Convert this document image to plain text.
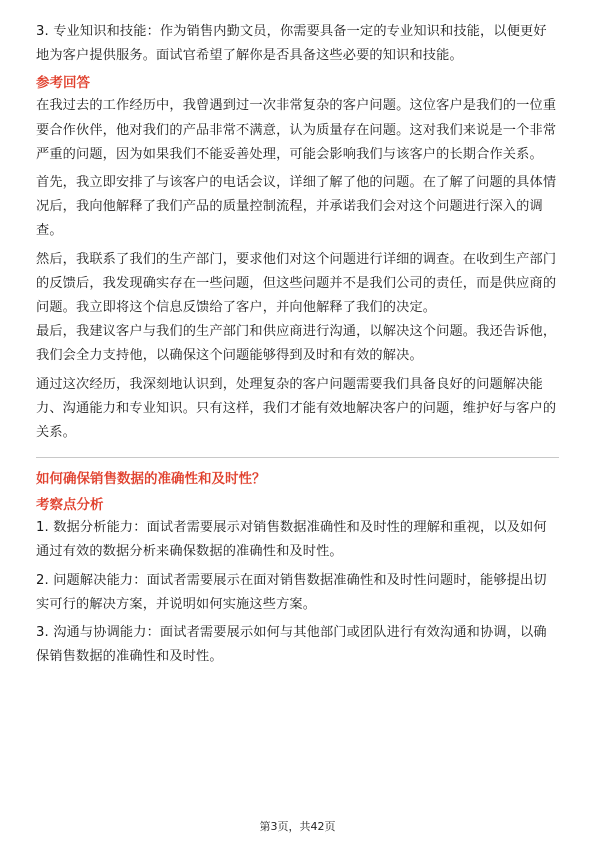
3. 专业知识和技能：作为销售内勤文员，你需要具备一定的专业知识和技能，以便更好地为客户提供服务。面试官希望了解你是否具备这些必要的知识和技能。

参考回答

在我过去的工作经历中，我曾遇到过一次非常复杂的客户问题。这位客户是我们的一位重要合作伙伴，他对我们的产品非常不满意，认为质量存在问题。这对我们来说是一个非常严重的问题，因为如果我们不能妥善处理，可能会影响我们与该客户的长期合作关系。

首先，我立即安排了与该客户的电话会议，详细了解了他的问题。在了解了问题的具体情况后，我向他解释了我们产品的质量控制流程，并承诺我们会对这个问题进行深入的调查。

然后，我联系了我们的生产部门，要求他们对这个问题进行详细的调查。在收到生产部门的反馈后，我发现确实存在一些问题，但这些问题并不是我们公司的责任，而是供应商的问题。我立即将这个信息反馈给了客户，并向他解释了我们的决定。

最后，我建议客户与我们的生产部门和供应商进行沟通，以解决这个问题。我还告诉他，我们会全力支持他，以确保这个问题能够得到及时和有效的解决。

通过这次经历，我深刻地认识到，处理复杂的客户问题需要我们具备良好的问题解决能力、沟通能力和专业知识。只有这样，我们才能有效地解决客户的问题，维护好与客户的关系。

如何确保销售数据的准确性和及时性？

考察点分析

1. 数据分析能力：面试者需要展示对销售数据准确性和及时性的理解和重视，以及如何通过有效的数据分析来确保数据的准确性和及时性。

2. 问题解决能力：面试者需要展示在面对销售数据准确性和及时性问题时，能够提出切实可行的解决方案，并说明如何实施这些方案。

3. 沟通与协调能力：面试者需要展示如何与其他部门或团队进行有效沟通和协调，以确保销售数据的准确性和及时性。

第3页，共42页
